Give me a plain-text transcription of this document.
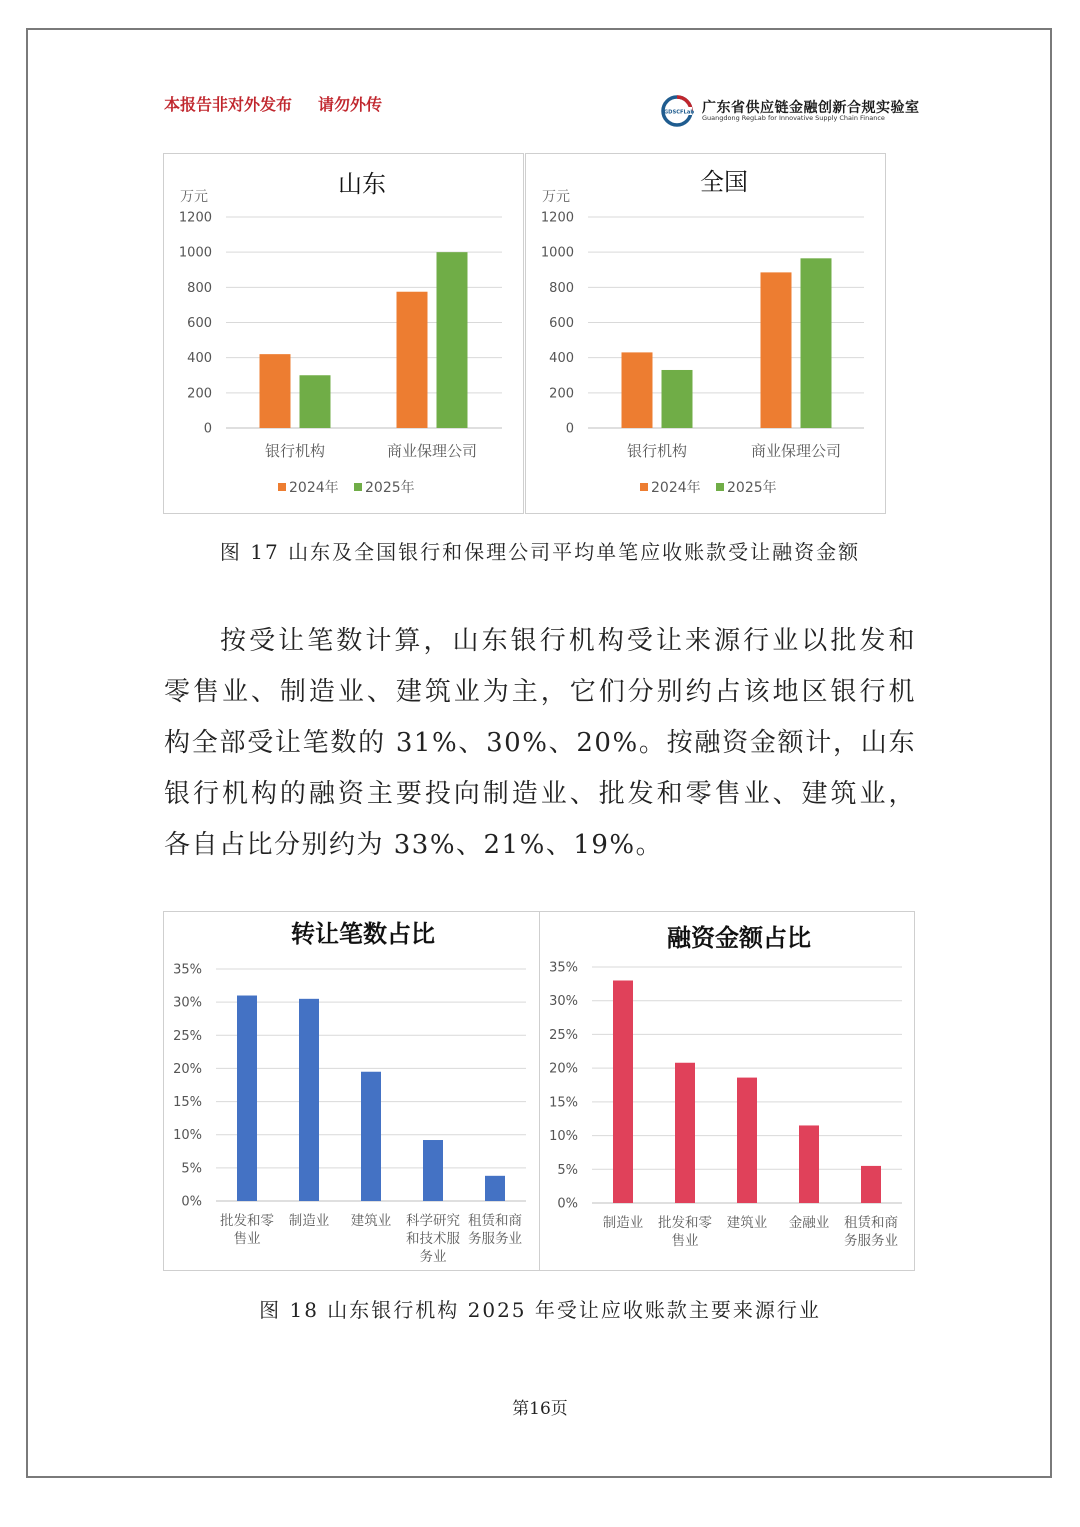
本报告非对外发布 请勿外传	GDSCFLab 广东省供应链金融创新合规实验室
Guangdong RegLab for Innovative Supply Chain Finance
山东
万元
0
200
400
600
800
1000
1200
银行机构	商业保理公司
2024年 2025年
全国
万元
0
200
400
600
800
1000
1200
银行机构	商业保理公司
2024年 2025年
图 17 山东及全国银行和保理公司平均单笔应收账款受让融资金额
按受让笔数计算，山东银行机构受让来源行业以批发和
零售业、制造业、建筑业为主，它们分别约占该地区银行机
构全部受让笔数的 31%、30%、20%。按融资金额计，山东
银行机构的融资主要投向制造业、批发和零售业、建筑业，
各自占比分别约为 33%、21%、19%。
转让笔数占比
0%
5%
10%
15%
20%
25%
30%
35%
批发和零
售业
制造业 建筑业 科学研究
和技术服
务业
租赁和商
务服务业
融资金额占比
0%
5%
10%
15%
20%
25%
30%
35%
制造业 批发和零
售业
建筑业 金融业 租赁和商
务服务业
图 18 山东银行机构 2025 年受让应收账款主要来源行业
第16页
